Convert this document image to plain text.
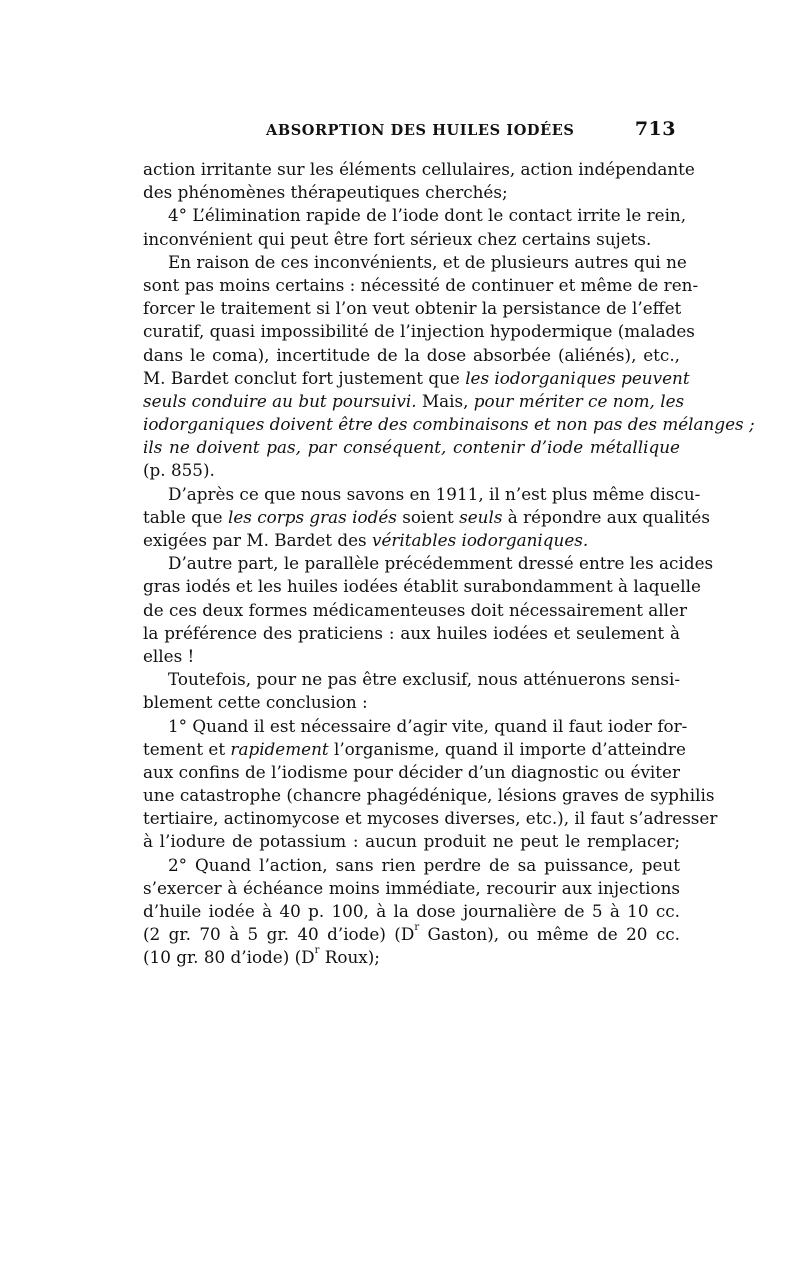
ABSORPTION DES HUILES IODÉES	713
action irritante sur les éléments cellulaires, action indépendante
des phénomènes thérapeutiques cherchés;
4° L’élimination rapide de l’iode dont le contact irrite le rein,
inconvénient qui peut être fort sérieux chez certains sujets.
En raison de ces inconvénients, et de plusieurs autres qui ne
sont pas moins certains : nécessité de continuer et même de ren-
forcer le traitement si l’on veut obtenir la persistance de l’effet
curatif, quasi impossibilité de l’injection hypodermique (malades
dans le coma), incertitude de la dose absorbée (aliénés), etc.,
M. Bardet conclut fort justement que les iodorganiques peuvent
seuls conduire au but poursuivi. Mais, pour mériter ce nom, les
iodorganiques doivent être des combinaisons et non pas des mélanges ;
ils ne doivent pas, par conséquent, contenir d’iode métallique
(p. 855).
D’après ce que nous savons en 1911, il n’est plus même discu-
table que les corps gras iodés soient seuls à répondre aux qualités
exigées par M. Bardet des véritables iodorganiques.
D’autre part, le parallèle précédemment dressé entre les acides
gras iodés et les huiles iodées établit surabondamment à laquelle
de ces deux formes médicamenteuses doit nécessairement aller
la préférence des praticiens : aux huiles iodées et seulement à
elles !
Toutefois, pour ne pas être exclusif, nous atténuerons sensi-
blement cette conclusion :
1° Quand il est nécessaire d’agir vite, quand il faut ioder for-
tement et rapidement l’organisme, quand il importe d’atteindre
aux confins de l’iodisme pour décider d’un diagnostic ou éviter
une catastrophe (chancre phagédénique, lésions graves de syphilis
tertiaire, actinomycose et mycoses diverses, etc.), il faut s’adresser
à l’iodure de potassium : aucun produit ne peut le remplacer;
2° Quand l’action, sans rien perdre de sa puissance, peut
s’exercer à échéance moins immédiate, recourir aux injections
d’huile iodée à 40 p. 100, à la dose journalière de 5 à 10 cc.
(2 gr. 70 à 5 gr. 40 d’iode) ($D^r$ Gaston), ou même de 20 cc.
(10 gr. 80 d’iode) ($D^r$ Roux);
